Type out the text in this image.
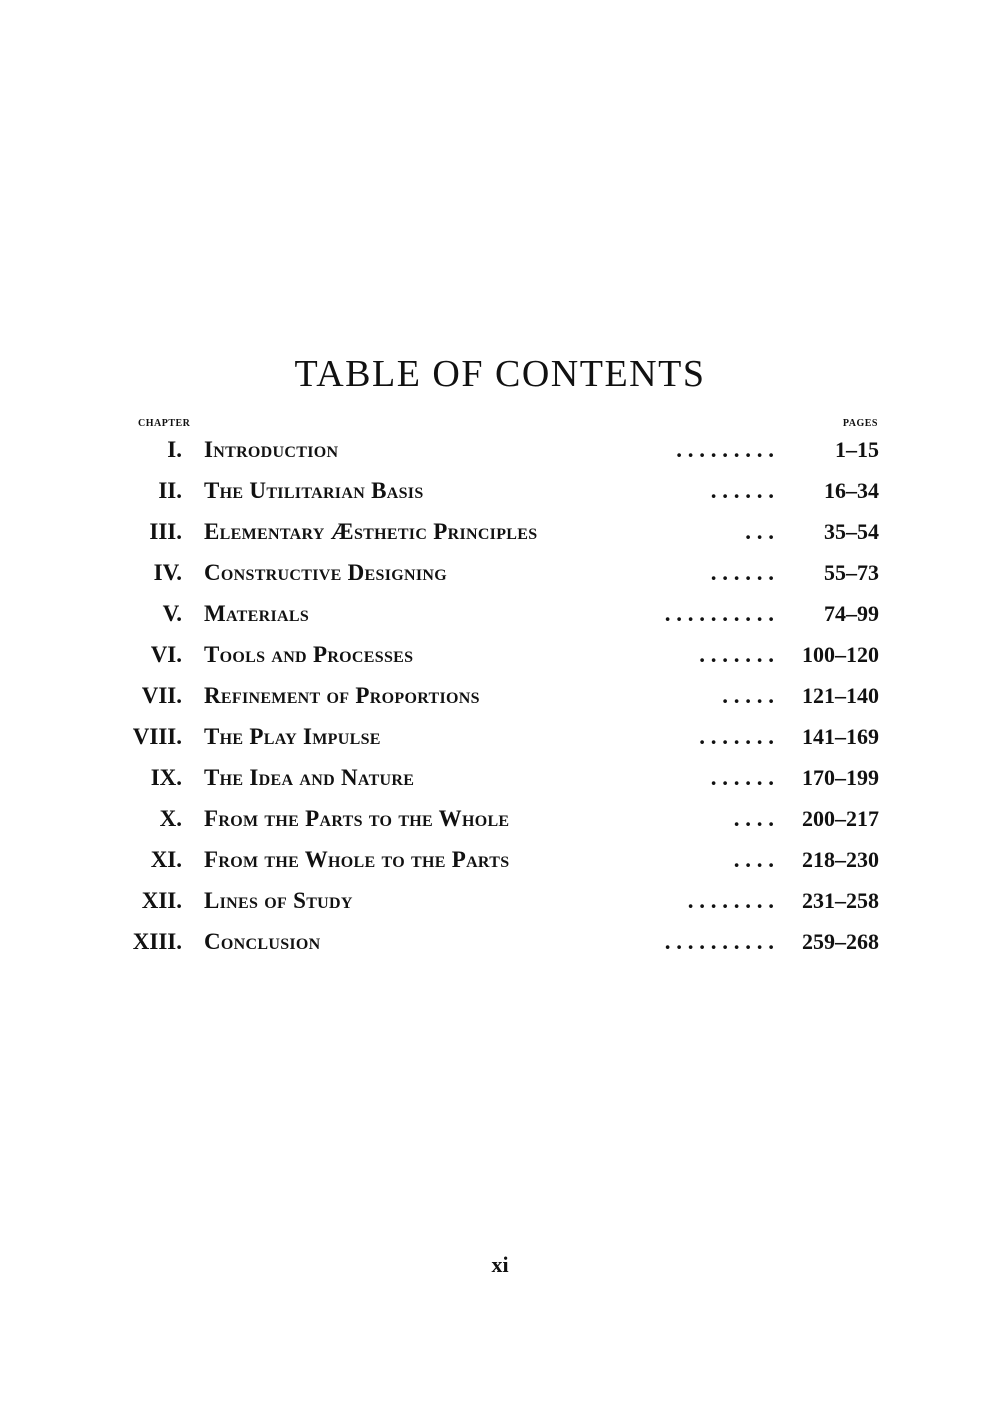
TABLE OF CONTENTS
CHAPTER	PAGES
I. Introduction	. . . . . . . . .	1–15
II. The Utilitarian Basis	. . . . . . 16–34
III. Elementary Æsthetic Principles	. . . 35–54
IV. Constructive Designing	. . . . . . 55–73
V. Materials	. . . . . . . . . . 74–99
VI. Tools and Processes	. . . . . . . 100–120
VII. Refinement of Proportions	. . . . . 121–140
VIII. The Play Impulse	. . . . . . . 141–169
IX. The Idea and Nature	. . . . . . 170–199
X. From the Parts to the Whole	. . . . 200–217
XI. From the Whole to the Parts	. . . . 218–230
XII. Lines of Study	. . . . . . . . 231–258
XIII. Conclusion	. . . . . . . . . . 259–268
xi
